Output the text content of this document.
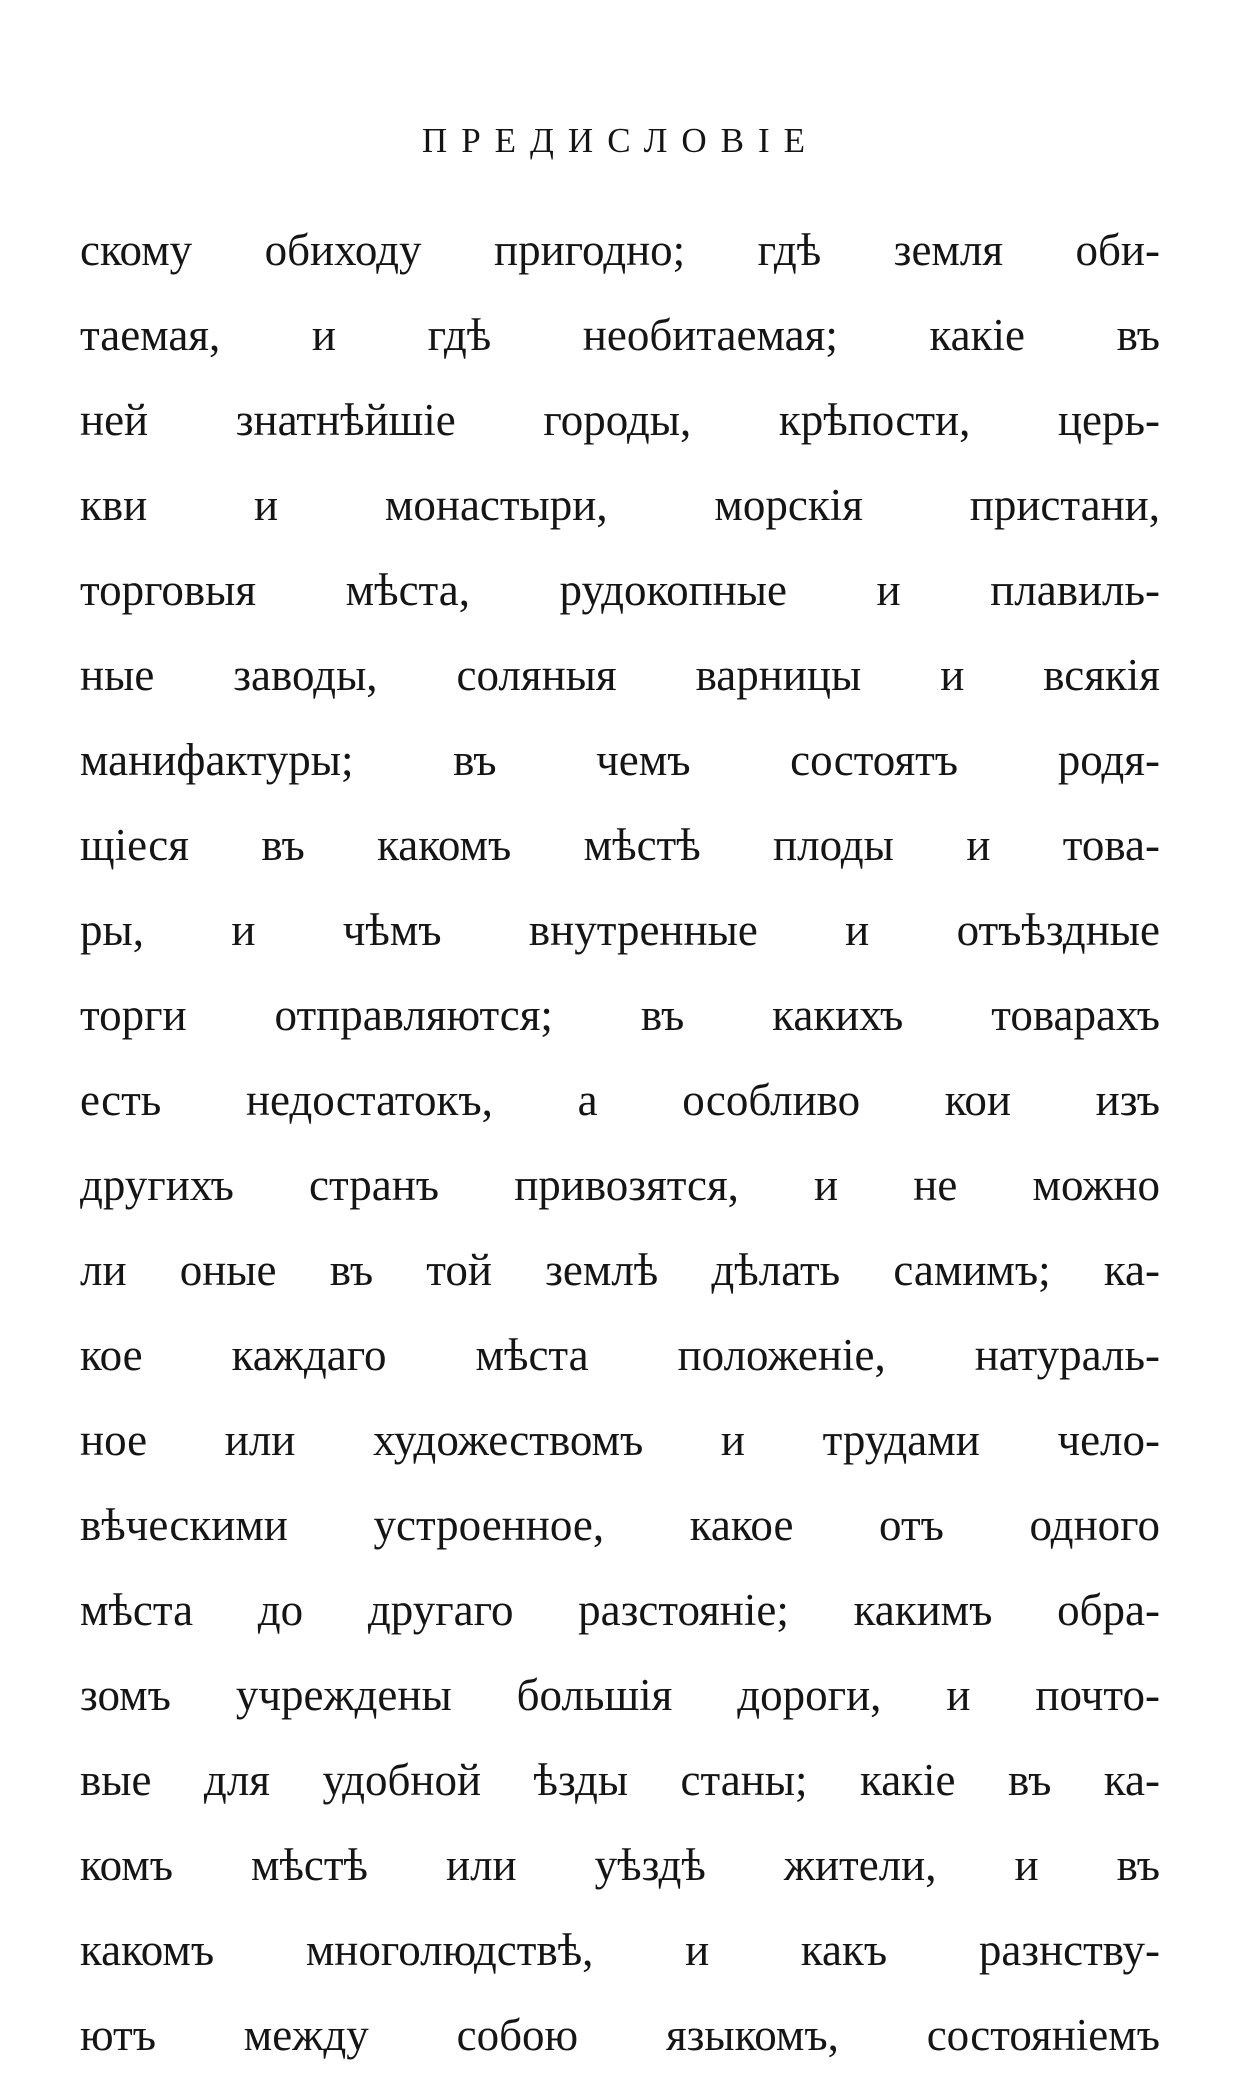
ПРЕДИСЛОВІЕ
скому обиходу пригодно; гдѣ земля оби-
таемая, и гдѣ необитаемая; какіе въ
ней знатнѣйшіе городы, крѣпости, церь-
кви и монастыри, морскія пристани,
торговыя мѣста, рудокопные и плавиль-
ные заводы, соляныя варницы и всякія
манифактуры; въ чемъ состоятъ родя-
щіеся въ какомъ мѣстѣ плоды и това-
ры, и чѣмъ внутренные и отъѣздные
торги отправляются; въ какихъ товарахъ
есть недостатокъ, а особливо кои изъ
другихъ странъ привозятся, и не можно
ли оные въ той землѣ дѣлать самимъ; ка-
кое каждаго мѣста положеніе, натураль-
ное или художествомъ и трудами чело-
вѣческими устроенное, какое отъ одного
мѣста до другаго разстояніе; какимъ обра-
зомъ учреждены большія дороги, и почто-
вые для удобной ѣзды станы; какіе въ ка-
комъ мѣстѣ или уѣздѣ жители, и въ
какомъ многолюдствѣ, и какъ разнству-
ютъ между собою языкомъ, состояніемъ
